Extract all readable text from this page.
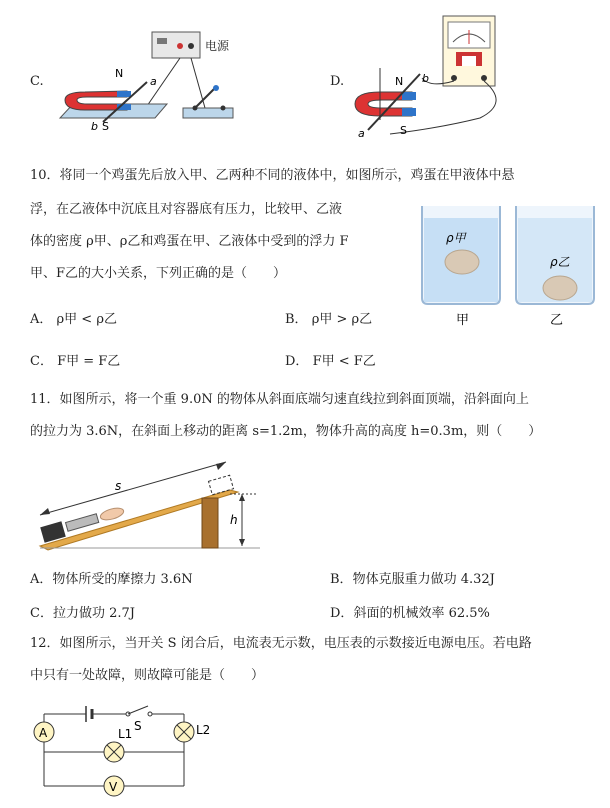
C.
电源
N
a
b S
D.	N b
a	S
10．将同一个鸡蛋先后放入甲、乙两种不同的液体中，如图所示，鸡蛋在甲液体中悬
浮，在乙液体中沉底且对容器底有压力，比较甲、乙液
体的密度 ρ甲、ρ乙和鸡蛋在甲、乙液体中受到的浮力 F
甲、F乙的大小关系，下列正确的是（　　）
A． ρ甲 < ρ乙	B． ρ甲 > ρ乙
C． F甲 = F乙	D． F甲 < F乙
ρ甲
ρ乙
甲	乙
11．如图所示，将一个重 9.0N 的物体从斜面底端匀速直线拉到斜面顶端，沿斜面向上
的拉力为 3.6N，在斜面上移动的距离 s=1.2m，物体升高的高度 h=0.3m，则（　　）
s
h
A．物体所受的摩擦力 3.6N	B．物体克服重力做功 4.32J
C．拉力做功 2.7J	D．斜面的机械效率 62.5%
12．如图所示，当开关 S 闭合后，电流表无示数，电压表的示数接近电源电压。若电路
中只有一处故障，则故障可能是（　　）
S
A	L2
L1
V
